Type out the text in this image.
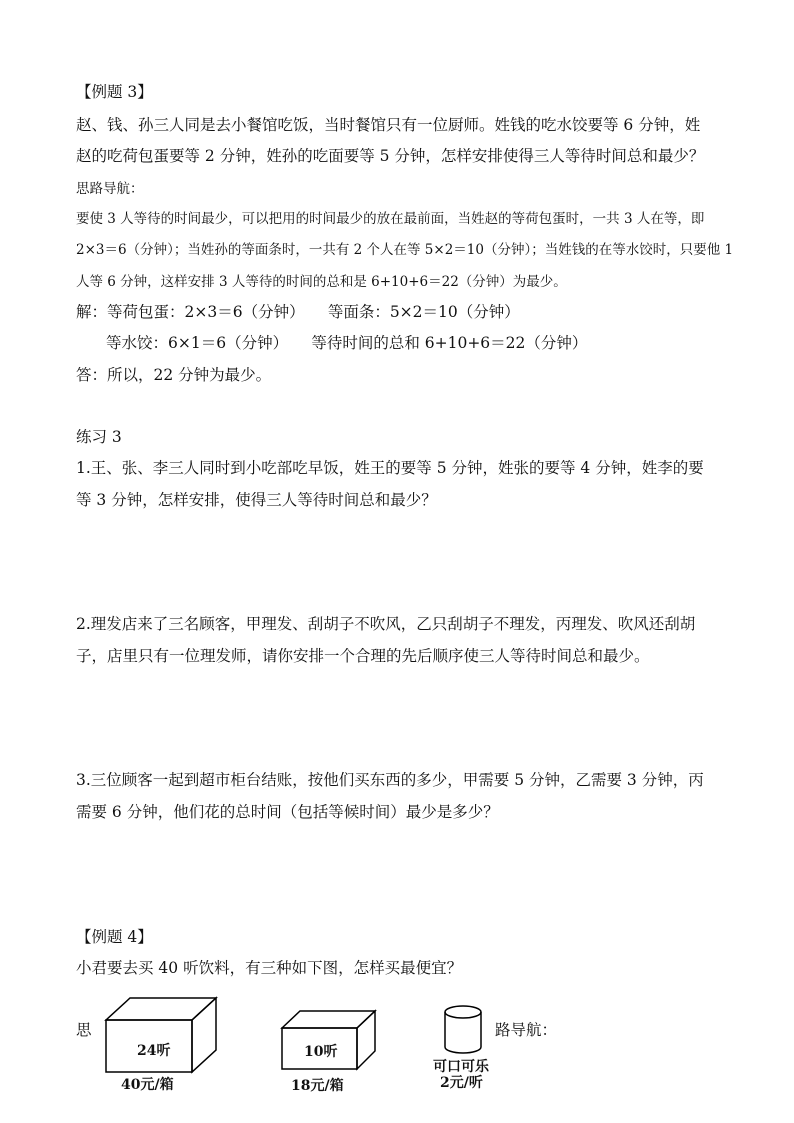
【例题 3】
赵、钱、孙三人同是去小餐馆吃饭，当时餐馆只有一位厨师。姓钱的吃水饺要等 6 分钟，姓
赵的吃荷包蛋要等 2 分钟，姓孙的吃面要等 5 分钟，怎样安排使得三人等待时间总和最少？
思路导航：
要使 3 人等待的时间最少，可以把用的时间最少的放在最前面，当姓赵的等荷包蛋时，一共 3 人在等，即
2×3＝6（分钟）；当姓孙的等面条时，一共有 2 个人在等 5×2＝10（分钟）；当姓钱的在等水饺时，只要他 1
人等 6 分钟，这样安排 3 人等待的时间的总和是 6+10+6＝22（分钟）为最少。
解：等荷包蛋：2×3＝6（分钟）　　等面条：5×2＝10（分钟）
等水饺：6×1＝6（分钟）　　等待时间的总和 6+10+6＝22（分钟）
答：所以，22 分钟为最少。
练习 3
1.王、张、李三人同时到小吃部吃早饭，姓王的要等 5 分钟，姓张的要等 4 分钟，姓李的要
等 3 分钟，怎样安排，使得三人等待时间总和最少？
2.理发店来了三名顾客，甲理发、刮胡子不吹风，乙只刮胡子不理发，丙理发、吹风还刮胡
子，店里只有一位理发师，请你安排一个合理的先后顺序使三人等待时间总和最少。
3.三位顾客一起到超市柜台结账，按他们买东西的多少，甲需要 5 分钟，乙需要 3 分钟，丙
需要 6 分钟，他们花的总时间（包括等候时间）最少是多少？
【例题 4】
小君要去买 40 听饮料，有三种如下图，怎样买最便宜？
思	路导航：
24听
40元/箱
10听
18元/箱
可口可乐
2元/听
